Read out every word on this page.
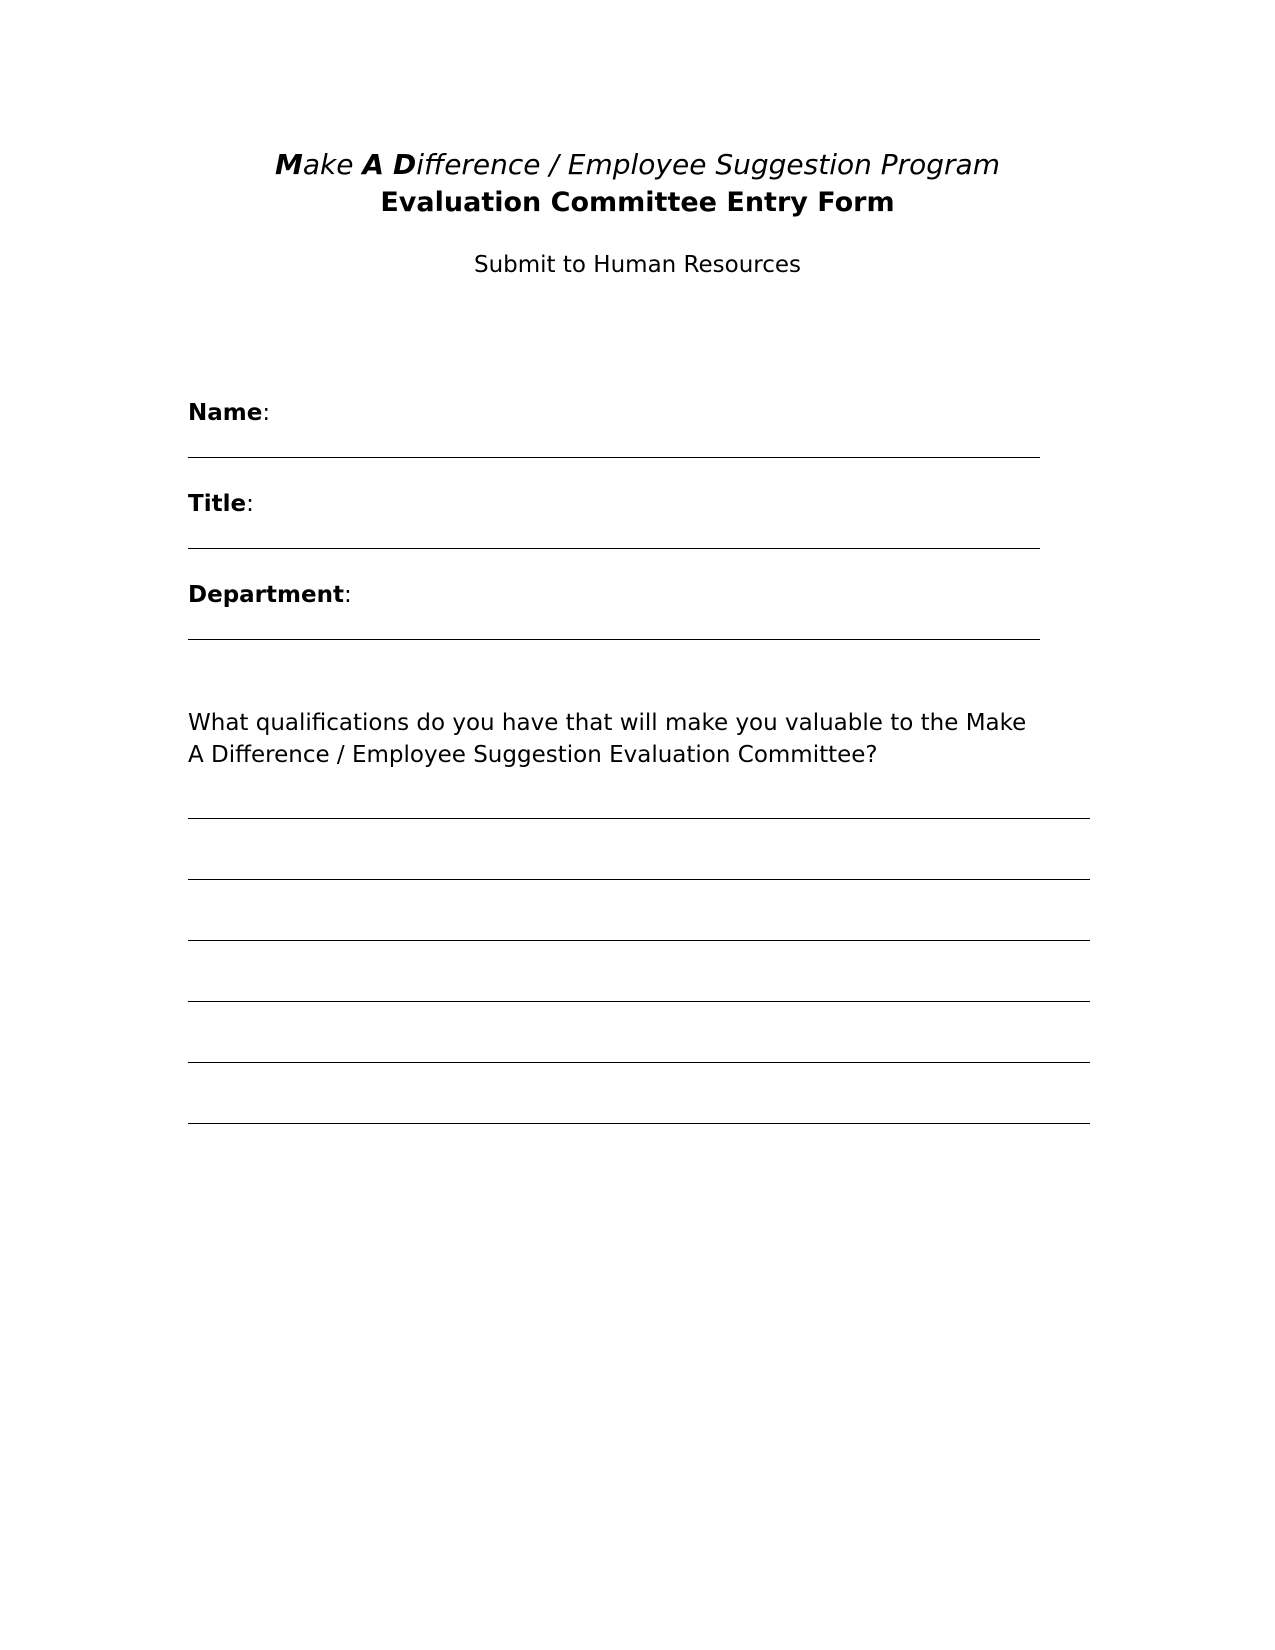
Make A Difference / Employee Suggestion Program
Evaluation Committee Entry Form
Submit to Human Resources
Name:
Title:
Department:
What qualifications do you have that will make you valuable to the Make
A Difference / Employee Suggestion Evaluation Committee?
